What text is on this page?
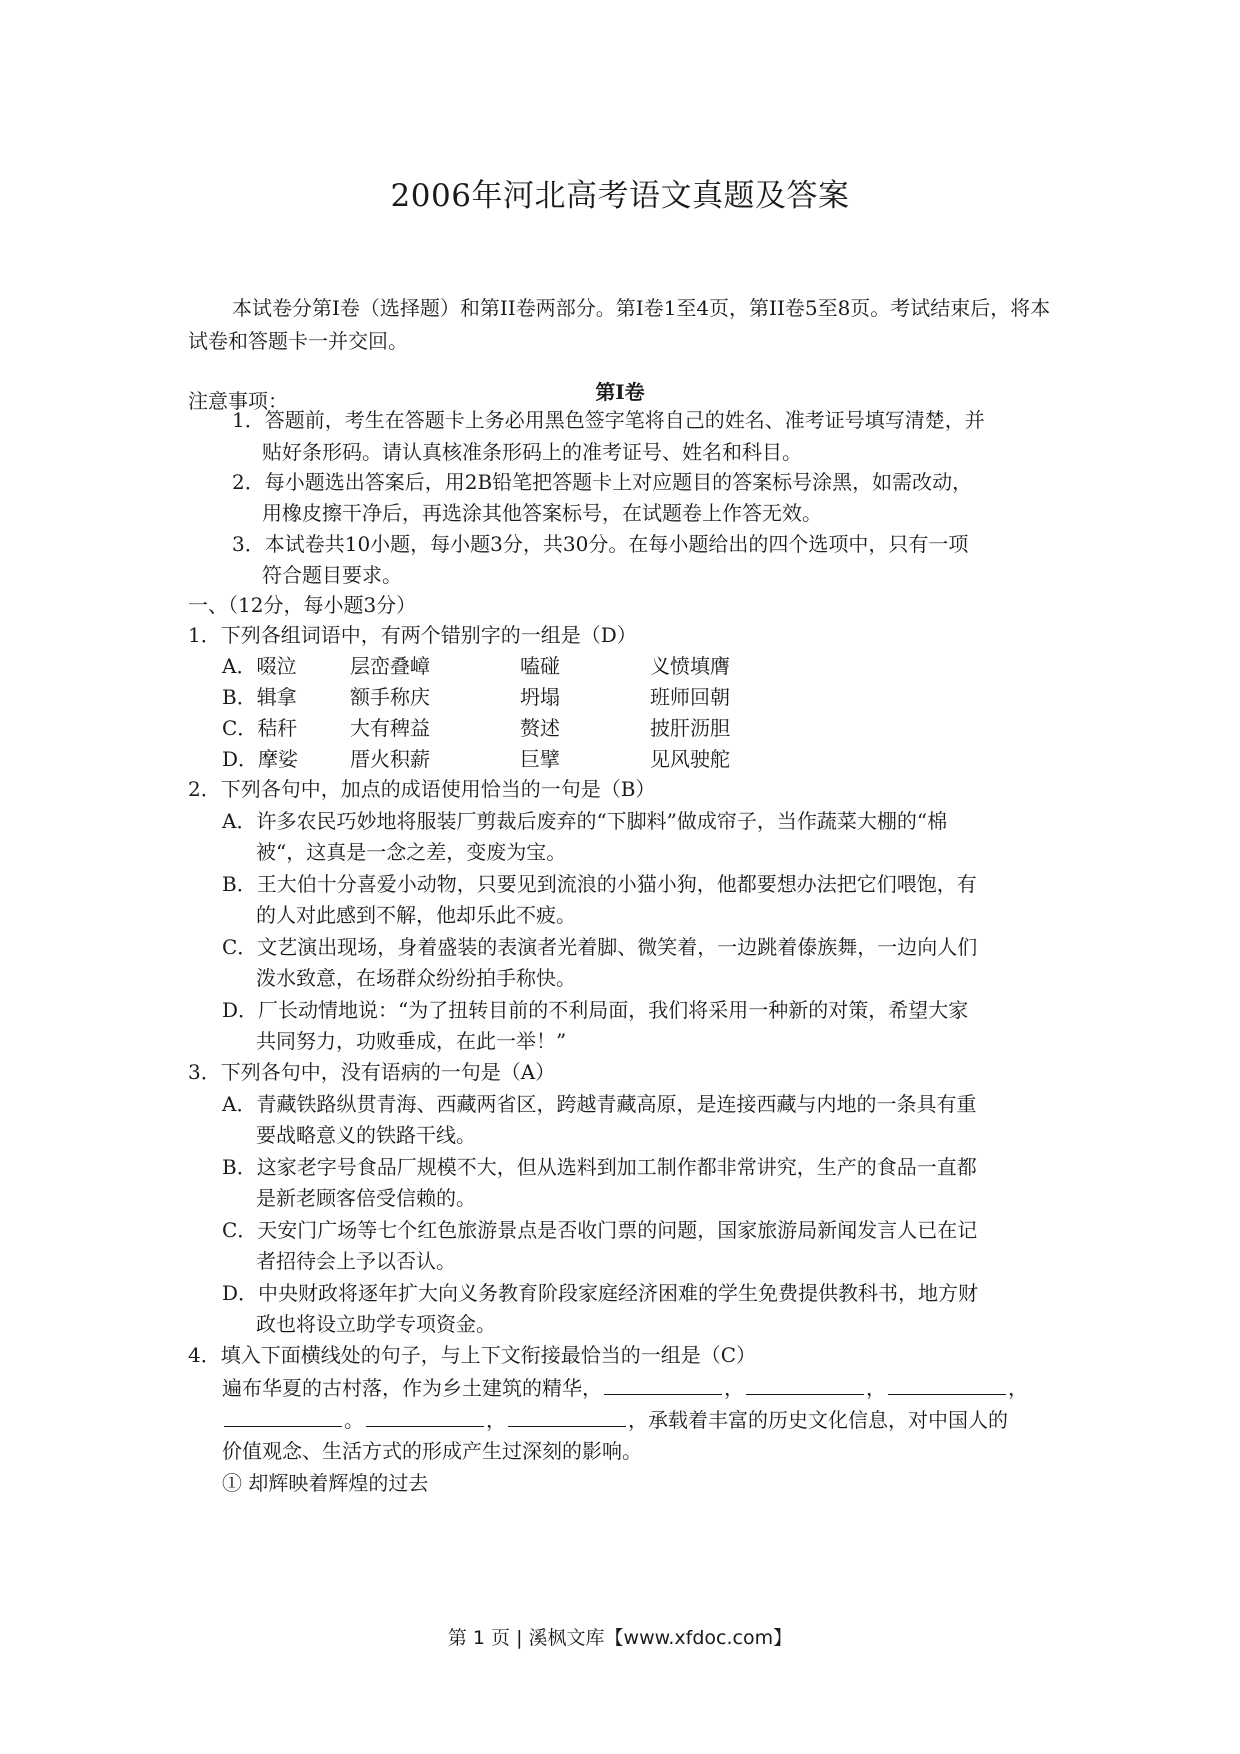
2006年河北高考语文真题及答案
本试卷分第I卷（选择题）和第II卷两部分。第I卷1至4页，第II卷5至8页。考试结束后，将本试卷和答题卡一并交回。
第I卷
注意事项：
1．答题前，考生在答题卡上务必用黑色签字笔将自己的姓名、准考证号填写清楚，并
贴好条形码。请认真核准条形码上的准考证号、姓名和科目。
2．每小题选出答案后，用2B铅笔把答题卡上对应题目的答案标号涂黑，如需改动，
用橡皮擦干净后，再选涂其他答案标号，在试题卷上作答无效。
3．本试卷共10小题，每小题3分，共30分。在每小题给出的四个选项中，只有一项
符合题目要求。
一、（12分，每小题3分）
1．下列各组词语中，有两个错别字的一组是（D）
A．啜泣	层峦叠嶂	嗑碰	义愤填膺
B．辑拿	额手称庆	坍塌	班师回朝
C．秸秆	大有稗益	赘述	披肝沥胆
D．摩娑	厝火积薪	巨擘	见风驶舵
2．下列各句中，加点的成语使用恰当的一句是（B）
A．许多农民巧妙地将服装厂剪裁后废弃的“下脚料”做成帘子，当作蔬菜大棚的“棉
被“，这真是一念之差，变废为宝。
B．王大伯十分喜爱小动物，只要见到流浪的小猫小狗，他都要想办法把它们喂饱，有
的人对此感到不解，他却乐此不疲。
C．文艺演出现场，身着盛装的表演者光着脚、微笑着，一边跳着傣族舞，一边向人们
泼水致意，在场群众纷纷拍手称快。
D．厂长动情地说：“为了扭转目前的不利局面，我们将采用一种新的对策，希望大家
共同努力，功败垂成，在此一举！”
3．下列各句中，没有语病的一句是（A）
A．青藏铁路纵贯青海、西藏两省区，跨越青藏高原，是连接西藏与内地的一条具有重
要战略意义的铁路干线。
B．这家老字号食品厂规模不大，但从选料到加工制作都非常讲究，生产的食品一直都
是新老顾客倍受信赖的。
C．天安门广场等七个红色旅游景点是否收门票的问题，国家旅游局新闻发言人已在记
者招待会上予以否认。
D．中央财政将逐年扩大向义务教育阶段家庭经济困难的学生免费提供教科书，地方财
政也将设立助学专项资金。
4．填入下面横线处的句子，与上下文衔接最恰当的一组是（C）
遍布华夏的古村落，作为乡土建筑的精华，	，	，	，
。	，	，承载着丰富的历史文化信息，对中国人的
价值观念、生活方式的形成产生过深刻的影响。
① 却辉映着辉煌的过去
第 1 页 | 溪枫文库【www.xfdoc.com】
